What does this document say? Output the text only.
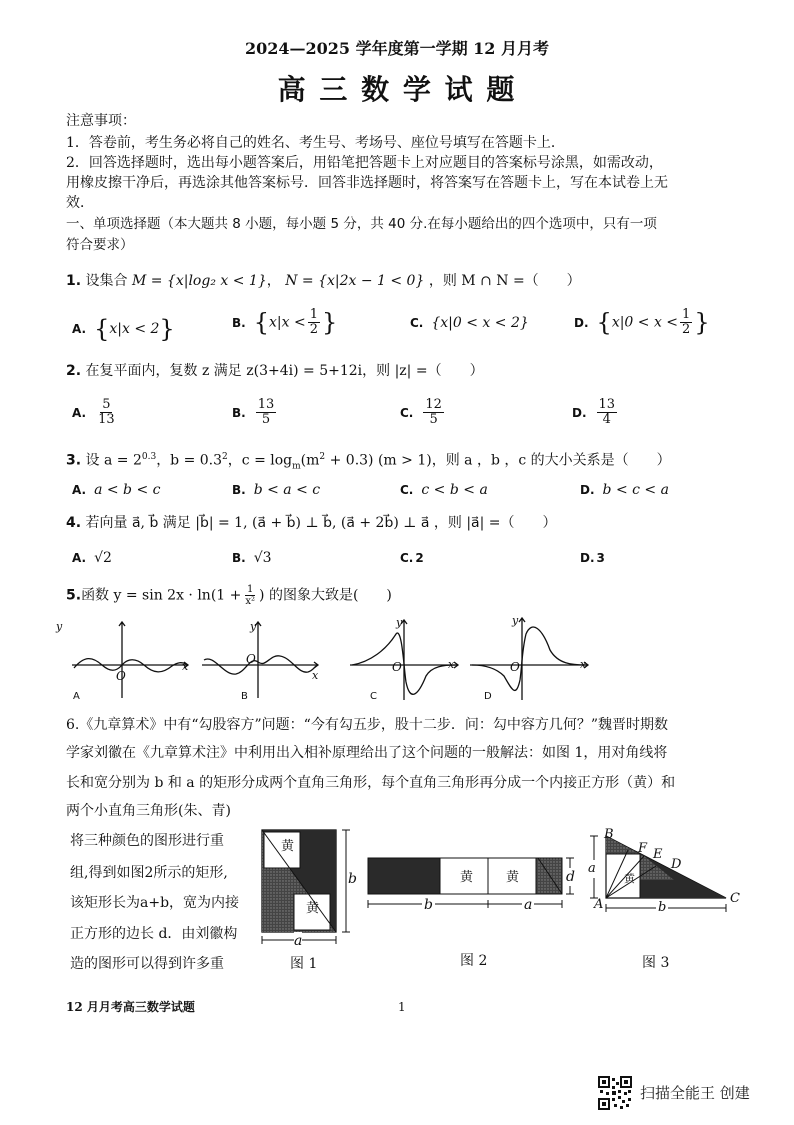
2024—2025 学年度第一学期 12 月月考
高 三 数 学 试 题
注意事项：
1．答卷前，考生务必将自己的姓名、考生号、考场号、座位号填写在答题卡上．
2．回答选择题时，选出每小题答案后，用铅笔把答题卡上对应题目的答案标号涂黑，如需改动，
用橡皮擦干净后，再选涂其他答案标号．回答非选择题时，将答案写在答题卡上，写在本试卷上无
效．
一、单项选择题（本大题共 8 小题，每小题 5 分，共 40 分.在每小题给出的四个选项中，只有一项
符合要求）
1. 设集合 M = {x|log₂ x < 1}， N = {x|2x − 1 < 0} ，则 M ∩ N =（　　）
A. {x|x < 2}	B. {$x|x < \frac{1}{2}$ }	C. {x|0 < x < 2}	D. {$x|0 < x < \frac{1}{2}$ }
2. 在复平面内，复数 z 满足 z(3+4i) = 5+12i，则 |z| =（　　）
A. $\frac{5}{13}$	B. $\frac{13}{5}$	C. $\frac{12}{5}$	D. $\frac{13}{4}$
3. 设 $a = 2^{0.3}$，$b = 0.3^2$，$c = \log_m(m^2 + 0.3) (m > 1)$，则 a ，b ，c 的大小关系是（　　）
A. a < b < c	B. b < a < c	C. c < b < a	D. b < c < a
4. 若向量 a⃗, b⃗ 满足 |b⃗| = 1, (a⃗ + b⃗) ⊥ b⃗, (a⃗ + 2b⃗) ⊥ a⃗ ，则 |a⃗| =（　　）
A. √2	B. √3	C. 2	D. 3
5.函数 $y = \sin 2x \cdot \ln(1 + \frac{1}{\text{x²}}$ ) 的图象大致是(　　)
y
x
O
A
y
x
O
B
y
x
O
C
y
x
O
D
6.《九章算术》中有“勾股容方”问题：“今有勾五步，股十二步．问：勾中容方几何？”魏晋时期数
学家刘徽在《九章算术注》中利用出入相补原理给出了这个问题的一般解法：如图 1，用对角线将
长和宽分别为 b 和 a 的矩形分成两个直角三角形，每个直角三角形再分成一个内接正方形（黄）和
两个小直角三角形(朱、青)
将三种颜色的图形进行重
组,得到如图2所示的矩形,
该矩形长为a+b，宽为内接
正方形的边长 d．由刘徽构
造的图形可以得到许多重
黄
黄
b
a
图 1
黄	黄	d
b	a
图 2
B
F E
D
C
A
a
b
黄
图 3
12 月月考高三数学试题	1
扫描全能王 创建
